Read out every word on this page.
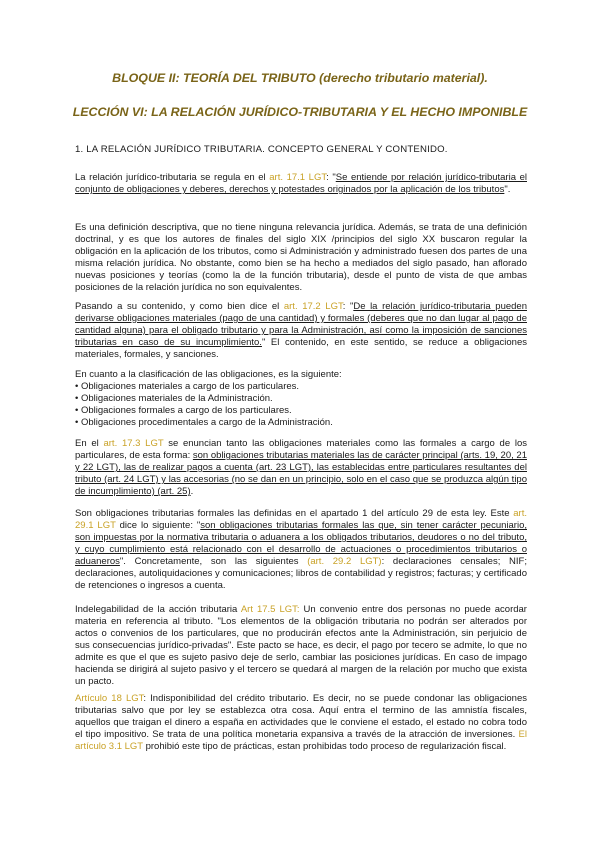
BLOQUE II: TEORÍA DEL TRIBUTO (derecho tributario material).
LECCIÓN VI: LA RELACIÓN JURÍDICO-TRIBUTARIA Y EL HECHO IMPONIBLE

1. LA RELACIÓN JURÍDICO TRIBUTARIA. CONCEPTO GENERAL Y CONTENIDO.

La relación jurídico-tributaria se regula en el art. 17.1 LGT: "Se entiende por relación jurídico-tributaria el conjunto de obligaciones y deberes, derechos y potestades originados por la aplicación de los tributos".

Es una definición descriptiva, que no tiene ninguna relevancia jurídica. Además, se trata de una definición doctrinal, y es que los autores de finales del siglo XIX /principios del siglo XX buscaron regular la obligación en la aplicación de los tributos, como si Administración y administrado fuesen dos partes de una misma relación jurídica. No obstante, como bien se ha hecho a mediados del siglo pasado, han aflorado nuevas posiciones y teorías (como la de la función tributaria), desde el punto de vista de que ambas posiciones de la relación jurídica no son equivalentes.

Pasando a su contenido, y como bien dice el art. 17.2 LGT: "De la relación jurídico-tributaria pueden derivarse obligaciones materiales (pago de una cantidad) y formales (deberes que no dan lugar al pago de cantidad alguna) para el obligado tributario y para la Administración, así como la imposición de sanciones tributarias en caso de su incumplimiento." El contenido, en este sentido, se reduce a obligaciones materiales, formales, y sanciones.

En cuanto a la clasificación de las obligaciones, es la siguiente:
• Obligaciones materiales a cargo de los particulares.
• Obligaciones materiales de la Administración.
• Obligaciones formales a cargo de los particulares.
• Obligaciones procedimentales a cargo de la Administración.

En el art. 17.3 LGT se enuncian tanto las obligaciones materiales como las formales a cargo de los particulares, de esta forma: son obligaciones tributarias materiales las de carácter principal (arts. 19, 20, 21 y 22 LGT), las de realizar pagos a cuenta (art. 23 LGT), las establecidas entre particulares resultantes del tributo (art. 24 LGT) y las accesorias (no se dan en un principio, solo en el caso que se produzca algún tipo de incumplimiento) (art. 25).

Son obligaciones tributarias formales las definidas en el apartado 1 del artículo 29 de esta ley. Este art. 29.1 LGT dice lo siguiente: "son obligaciones tributarias formales las que, sin tener carácter pecuniario, son impuestas por la normativa tributaria o aduanera a los obligados tributarios, deudores o no del tributo, y cuyo cumplimiento está relacionado con el desarrollo de actuaciones o procedimientos tributarios o aduaneros". Concretamente, son las siguientes (art. 29.2 LGT): declaraciones censales; NIF; declaraciones, autoliquidaciones y comunicaciones; libros de contabilidad y registros; facturas; y certificado de retenciones o ingresos a cuenta.

Indelegabilidad de la acción tributaria Art 17.5 LGT: Un convenio entre dos personas no puede acordar materia en referencia al tributo. "Los elementos de la obligación tributaria no podrán ser alterados por actos o convenios de los particulares, que no producirán efectos ante la Administración, sin perjuicio de sus consecuencias jurídico-privadas". Este pacto se hace, es decir, el pago por tecero se admite, lo que no admite es que el que es sujeto pasivo deje de serlo, cambiar las posiciones jurídicas. En caso de impago hacienda se dirigirá al sujeto pasivo y el tercero se quedará al margen de la relación por mucho que exista un pacto.

Artículo 18 LGT: Indisponibilidad del crédito tributario. Es decir, no se puede condonar las obligaciones tributarias salvo que por ley se establezca otra cosa. Aquí entra el termino de las amnistía fiscales, aquellos que traigan el dinero a españa en actividades que le conviene el estado, el estado no cobra todo el tipo impositivo. Se trata de una política monetaria expansiva a través de la atracción de inversiones. El artículo 3.1 LGT prohibió este tipo de prácticas, estan prohibidas todo proceso de regularización fiscal.
